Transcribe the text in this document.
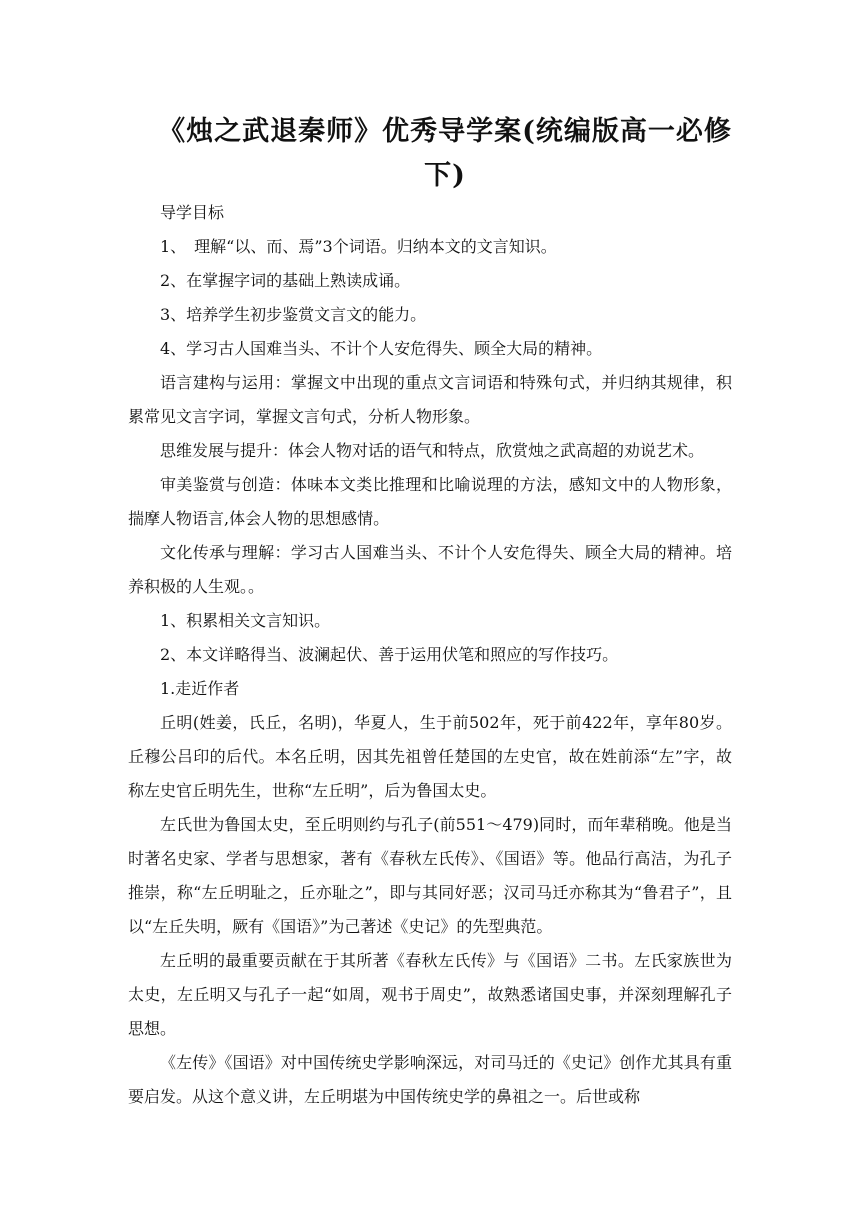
《烛之武退秦师》优秀导学案(统编版高一必修
下)

导学目标

1、　理解“以、而、焉”3个词语。归纳本文的文言知识。

2、在掌握字词的基础上熟读成诵。

3、培养学生初步鉴赏文言文的能力。

4、学习古人国难当头、不计个人安危得失、顾全大局的精神。

语言建构与运用：掌握文中出现的重点文言词语和特殊句式，并归纳其规律，积累常见文言字词，掌握文言句式，分析人物形象。

思维发展与提升：体会人物对话的语气和特点，欣赏烛之武高超的劝说艺术。

审美鉴赏与创造：体味本文类比推理和比喻说理的方法，感知文中的人物形象，揣摩人物语言,体会人物的思想感情。

文化传承与理解：学习古人国难当头、不计个人安危得失、顾全大局的精神。培养积极的人生观。。

1、积累相关文言知识。

2、本文详略得当、波澜起伏、善于运用伏笔和照应的写作技巧。

1.走近作者

丘明(姓姜，氏丘，名明)，华夏人，生于前502年，死于前422年，享年80岁。丘穆公吕印的后代。本名丘明，因其先祖曾任楚国的左史官，故在姓前添“左”字，故称左史官丘明先生，世称“左丘明”，后为鲁国太史。

左氏世为鲁国太史，至丘明则约与孔子(前551～479)同时，而年辈稍晚。他是当时著名史家、学者与思想家，著有《春秋左氏传》、《国语》等。他品行高洁，为孔子推崇，称“左丘明耻之，丘亦耻之”，即与其同好恶；汉司马迁亦称其为“鲁君子”，且以“左丘失明，厥有《国语》”为己著述《史记》的先型典范。

左丘明的最重要贡献在于其所著《春秋左氏传》与《国语》二书。左氏家族世为太史，左丘明又与孔子一起“如周，观书于周史”，故熟悉诸国史事，并深刻理解孔子思想。

《左传》《国语》对中国传统史学影响深远，对司马迁的《史记》创作尤其具有重要启发。从这个意义讲，左丘明堪为中国传统史学的鼻祖之一。后世或称
